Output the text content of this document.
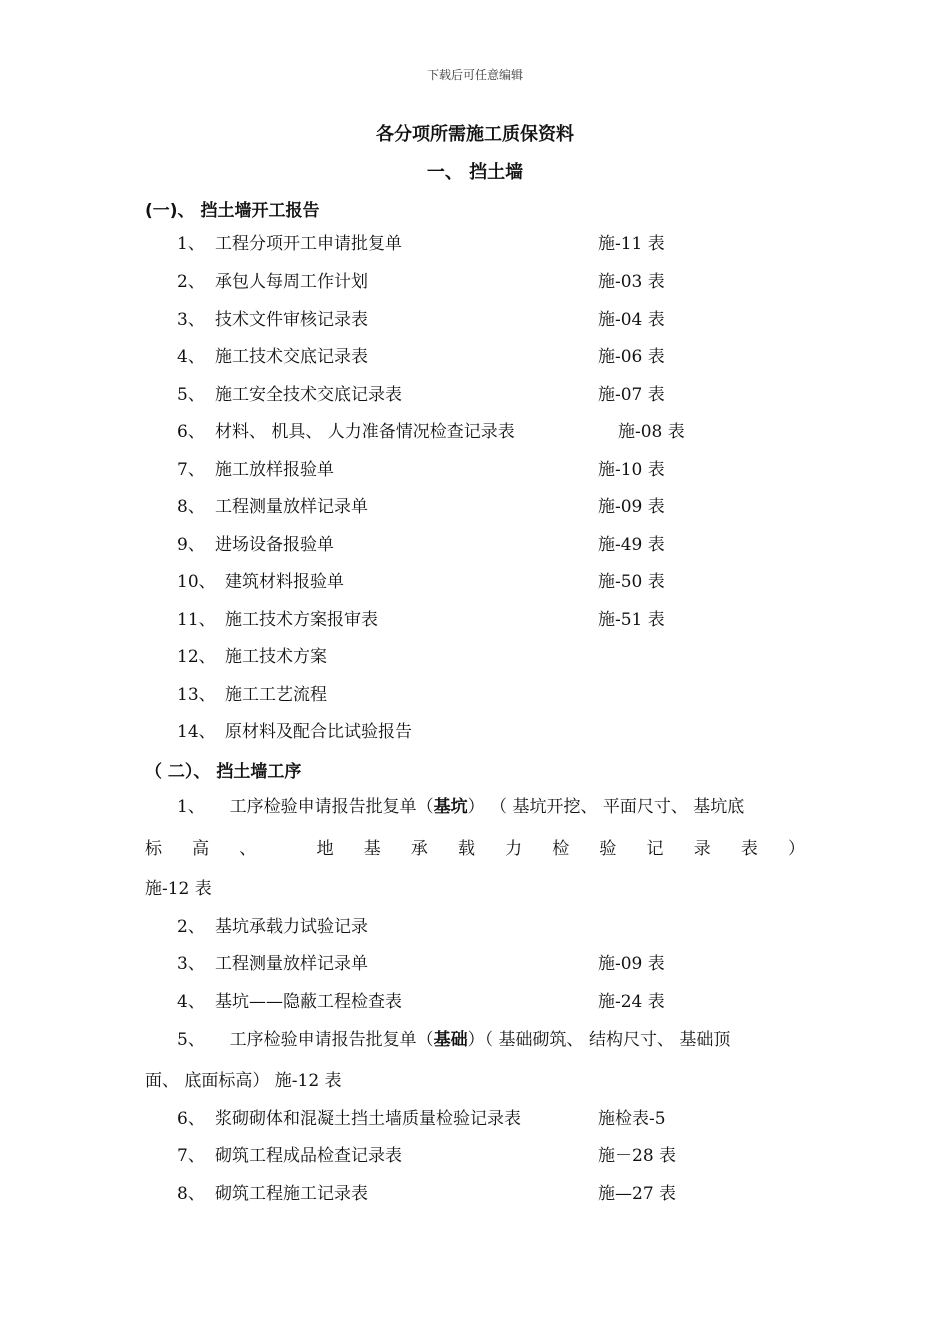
下载后可任意编辑
各分项所需施工质保资料
一、 挡土墙
(一)、 挡土墙开工报告
1、 工程分项开工申请批复单	施-11 表
2、 承包人每周工作计划	施-03 表
3、 技术文件审核记录表	施-04 表
4、 施工技术交底记录表	施-06 表
5、 施工安全技术交底记录表	施-07 表
6、 材料、 机具、 人力准备情况检查记录表	施-08 表
7、 施工放样报验单	施-10 表
8、 工程测量放样记录单	施-09 表
9、 进场设备报验单	施-49 表
10、 建筑材料报验单	施-50 表
11、 施工技术方案报审表	施-51 表
12、 施工技术方案
13、 施工工艺流程
14、 原材料及配合比试验报告
（ 二）、 挡土墙工序
1、 工序检验申请报告批复单（基坑） （ 基坑开挖、 平面尺寸、 基坑底
标 高 、	地 基 承 载 力 检 验 记 录 表 ）
施-12 表
2、 基坑承载力试验记录
3、 工程测量放样记录单	施-09 表
4、 基坑——隐蔽工程检查表	施-24 表
5、 工序检验申请报告批复单（基础）（ 基础砌筑、 结构尺寸、 基础顶
面、 底面标高） 施-12 表
6、 浆砌砌体和混凝土挡土墙质量检验记录表	施检表-5
7、 砌筑工程成品检查记录表	施－28 表
8、 砌筑工程施工记录表	施—27 表
